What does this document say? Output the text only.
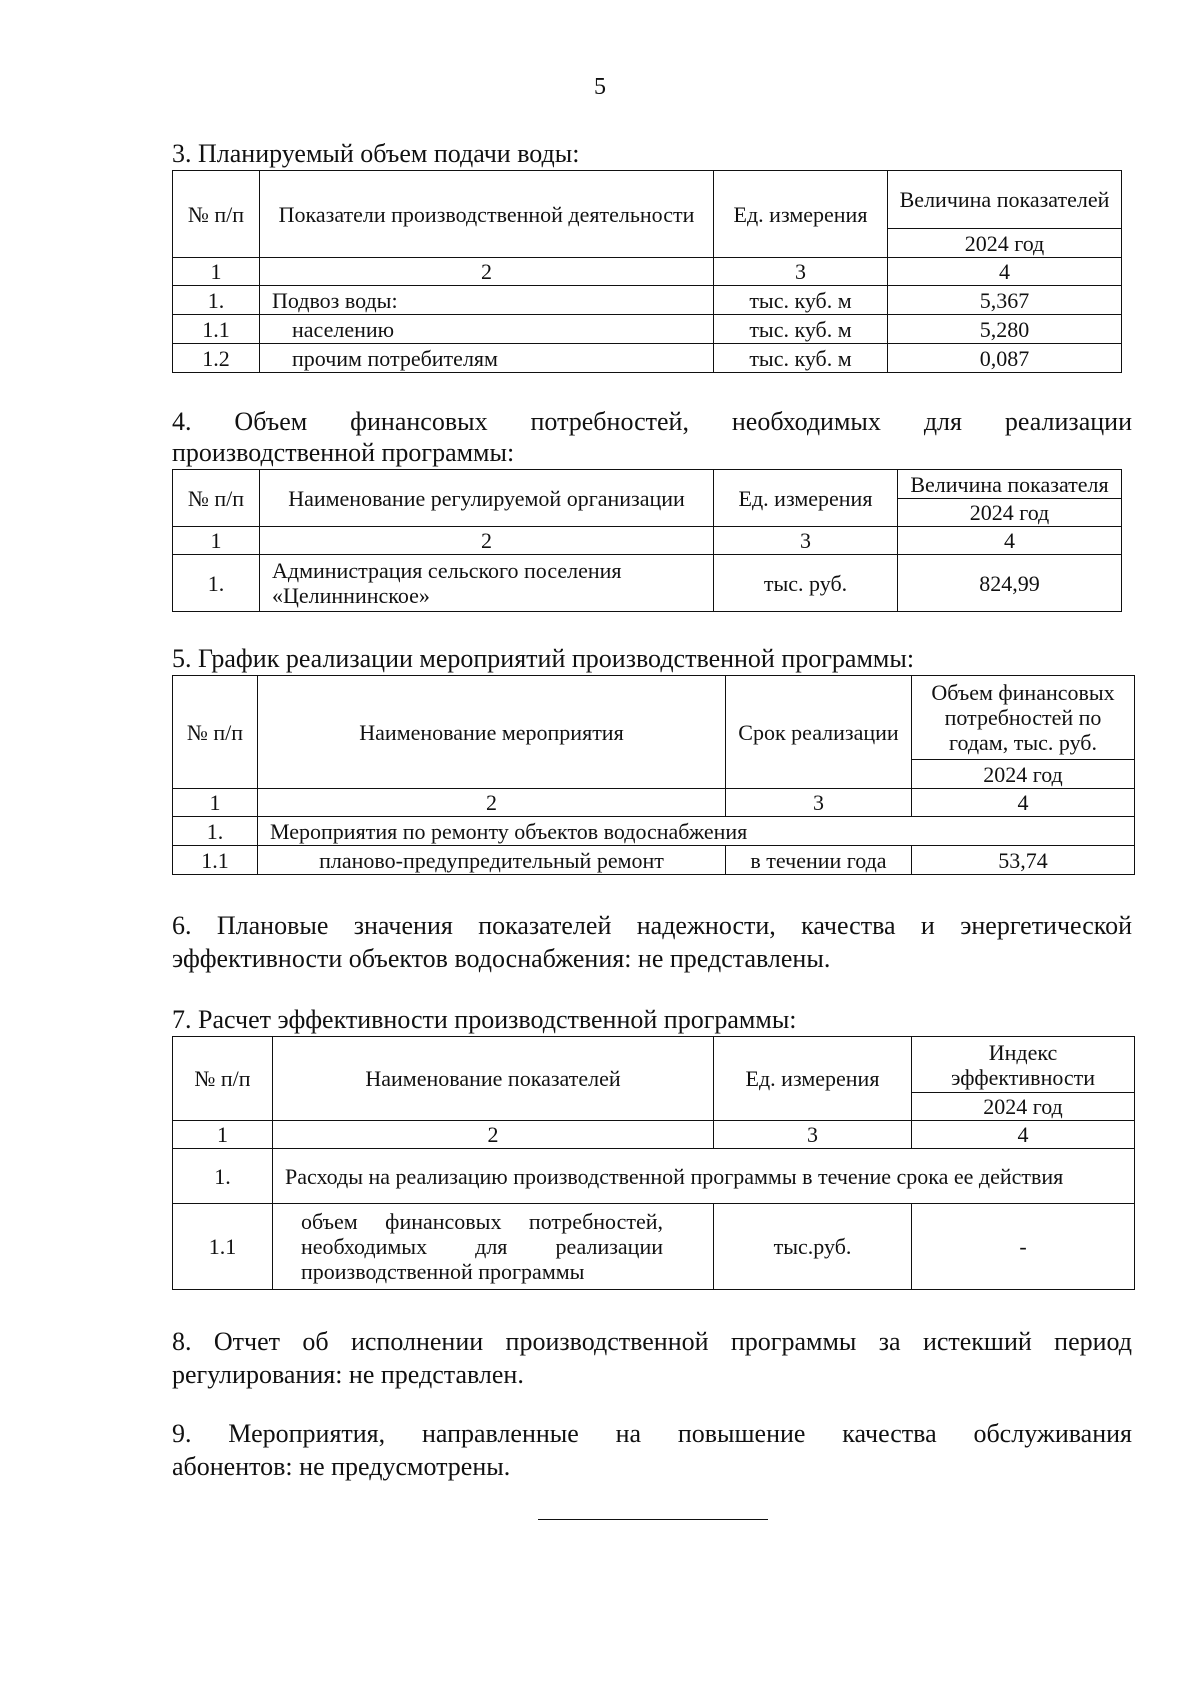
5

3. Планируемый объем подачи воды:

№ п/п	Показатели производственной деятельности	Ед. измерения	Величина показателей
			2024 год
1	2	3	4
1.	Подвоз воды:	тыс. куб. м	5,367
1.1	населению	тыс. куб. м	5,280
1.2	прочим потребителям	тыс. куб. м	0,087

4. Объем финансовых потребностей, необходимых для реализации

производственной программы:

№ п/п	Наименование регулируемой организации	Ед. измерения	Величина показателя
			2024 год
1	2	3	4
1.	Администрация сельского поселения «Целиннинское»	тыс. руб.	824,99

5. График реализации мероприятий производственной программы:

№ п/п	Наименование мероприятия	Срок реализации	Объем финансовых потребностей по годам, тыс. руб.
			2024 год
1	2	3	4
1.	Мероприятия по ремонту объектов водоснабжения		
1.1	планово-предупредительный ремонт	в течении года	53,74

6. Плановые значения показателей надежности, качества и энергетической

эффективности объектов водоснабжения: не представлены.

7. Расчет эффективности производственной программы:

№ п/п	Наименование показателей	Ед. измерения	Индекс эффективности
			2024 год
1	2	3	4
1.	Расходы на реализацию производственной программы в течение срока ее действия		
1.1	объем финансовых потребностей,
необходимых для реализации
производственной программы	тыс.руб.	-

8. Отчет об исполнении производственной программы за истекший период

регулирования: не представлен.

9. Мероприятия, направленные на повышение качества обслуживания

абонентов: не предусмотрены.
